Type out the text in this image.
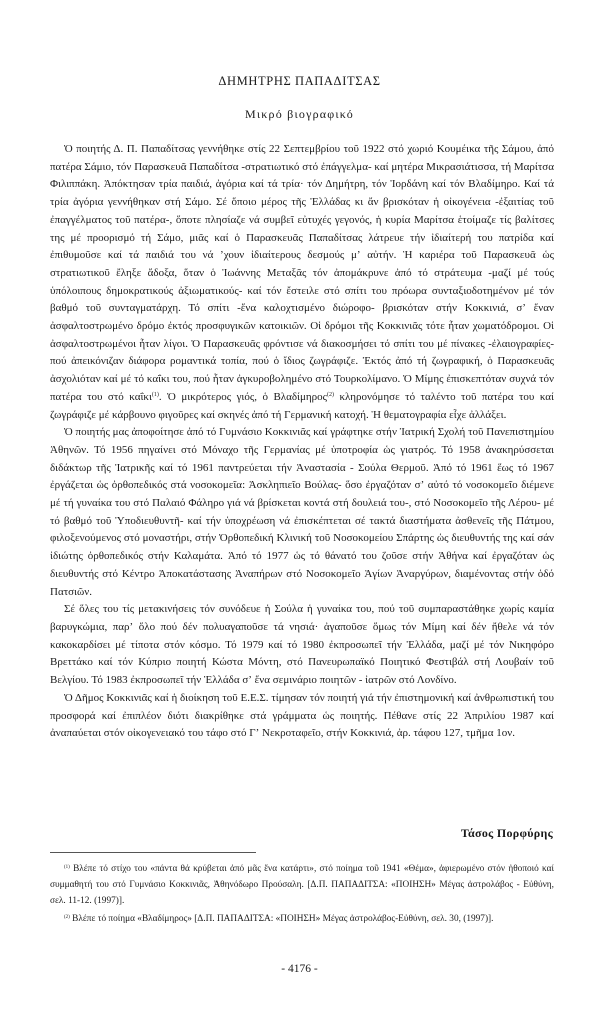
ΔΗΜΗΤΡΗΣ ΠΑΠΑΔΙΤΣΑΣ
Μικρό βιογραφικό

Ὁ ποιητής Δ. Π. Παπαδίτσας γεννήθηκε στίς 22 Σεπτεμβρίου τοῦ 1922 στό χωριό Κουμέικα τῆς Σάμου, ἀπό πατέρα Σάμιο, τόν Παρασκευᾶ Παπαδίτσα -στρατιωτικό στό ἐπάγγελμα- καί μητέρα Μικρασιάτισσα, τή Μαρίτσα Φιλιππάκη. Ἀπόκτησαν τρία παιδιά, ἀγόρια καί τά τρία· τόν Δημήτρη, τόν Ἰορδάνη καί τόν Βλαδίμηρο. Καί τά τρία ἀγόρια γεννήθηκαν στή Σάμο. Σέ ὅποιο μέρος τῆς Ἑλλάδας κι ἄν βρισκόταν ἡ οἰκογένεια -ἐξαιτίας τοῦ ἐπαγγέλματος τοῦ πατέρα-, ὅποτε πλησίαζε νά συμβεῖ εὐτυχές γεγονός, ἡ κυρία Μαρίτσα ἑτοίμαζε τίς βαλίτσες της μέ προορισμό τή Σάμο, μιᾶς καί ὁ Παρασκευᾶς Παπαδίτσας λάτρευε τήν ἰδιαίτερή του πατρίδα καί ἐπιθυμοῦσε καί τά παιδιά του νά ʼχουν ἰδιαίτερους δεσμούς μʼ αὐτήν. Ἡ καριέρα τοῦ Παρασκευᾶ ὡς στρατιωτικοῦ ἔληξε ἄδοξα, ὅταν ὁ Ἰωάννης Μεταξᾶς τόν ἀπομάκρυνε ἀπό τό στράτευμα -μαζί μέ τούς ὑπόλοιπους δημοκρατικούς ἀξιωματικούς- καί τόν ἔστειλε στό σπίτι του πρόωρα συνταξιοδοτημένον μέ τόν βαθμό τοῦ συνταγματάρχη. Τό σπίτι -ἕνα καλοχτισμένο διώροφο- βρισκόταν στήν Κοκκινιά, σʼ ἕναν ἀσφαλτοστρωμένο δρόμο ἐκτός προσφυγικῶν κατοικιῶν. Οἱ δρόμοι τῆς Κοκκινιᾶς τότε ἦταν χωματόδρομοι. Οἱ ἀσφαλτοστρωμένοι ἦταν λίγοι. Ὁ Παρασκευᾶς φρόντισε νά διακοσμήσει τό σπίτι του μέ πίνακες -ἐλαιογραφίες- πού ἀπεικόνιζαν διάφορα ρομαντικά τοπία, πού ὁ ἴδιος ζωγράφιζε. Ἐκτός ἀπό τή ζωγραφική, ὁ Παρασκευᾶς ἀσχολιόταν καί μέ τό καΐκι του, πού ἦταν ἀγκυροβολημένο στό Τουρκολίμανο. Ὁ Μίμης ἐπισκεπτόταν συχνά τόν πατέρα του στό καΐκι$^{(1)}$. Ὁ μικρότερος γιός, ὁ Βλαδίμηρος$^{(2)}$ κληρονόμησε τό ταλέντο τοῦ πατέρα του καί ζωγράφιζε μέ κάρβουνο φιγοῦρες καί σκηνές ἀπό τή Γερμανική κατοχή. Ἡ θεματογραφία εἶχε ἀλλάξει.

Ὁ ποιητής μας ἀποφοίτησε ἀπό τό Γυμνάσιο Κοκκινιᾶς καί γράφτηκε στήν Ἰατρική Σχολή τοῦ Πανεπιστημίου Ἀθηνῶν. Τό 1956 πηγαίνει στό Μόναχο τῆς Γερμανίας μέ ὑποτροφία ὡς γιατρός. Τό 1958 ἀνακηρύσσεται διδάκτωρ τῆς Ἰατρικῆς καί τό 1961 παντρεύεται τήν Ἀναστασία - Σούλα Θερμοῦ. Ἀπό τό 1961 ἕως τό 1967 ἐργάζεται ὡς ὀρθοπεδικός στά νοσοκομεῖα: Ἀσκληπιεῖο Βούλας- ὅσο ἐργαζόταν σʼ αὐτό τό νοσοκομεῖο διέμενε μέ τή γυναίκα του στό Παλαιό Φάληρο γιά νά βρίσκεται κοντά στή δουλειά του-, στό Νοσοκομεῖο τῆς Λέρου- μέ τό βαθμό τοῦ Ὑποδιευθυντῆ- καί τήν ὑποχρέωση νά ἐπισκέπτεται σέ τακτά διαστήματα ἀσθενεῖς τῆς Πάτμου, φιλοξενούμενος στό μοναστήρι, στήν Ὀρθοπεδική Κλινική τοῦ Νοσοκομείου Σπάρτης ὡς διευθυντής της καί σάν ἰδιώτης ὀρθοπεδικός στήν Καλαμάτα. Ἀπό τό 1977 ὡς τό θάνατό του ζοῦσε στήν Ἀθήνα καί ἐργαζόταν ὡς διευθυντής στό Κέντρο Ἀποκατάστασης Ἀναπήρων στό Νοσοκομεῖο Ἁγίων Ἀναργύρων, διαμένοντας στήν ὁδό Πατσιῶν.

Σέ ὅλες του τίς μετακινήσεις τόν συνόδευε ἡ Σούλα ἡ γυναίκα του, πού τοῦ συμπαραστάθηκε χωρίς καμία βαρυγκώμια, παρʼ ὅλο πού δέν πολυαγαποῦσε τά νησιά· ἀγαποῦσε ὅμως τόν Μίμη καί δέν ἤθελε νά τόν κακοκαρδίσει μέ τίποτα στόν κόσμο. Τό 1979 καί τό 1980 ἐκπροσωπεῖ τήν Ἑλλάδα, μαζί μέ τόν Νικηφόρο Βρεττάκο καί τόν Κύπριο ποιητή Κώστα Μόντη, στό Πανευρωπαϊκό Ποιητικό Φεστιβάλ στή Λουβαίν τοῦ Βελγίου. Τό 1983 ἐκπροσωπεῖ τήν Ἑλλάδα σʼ ἕνα σεμινάριο ποιητῶν - ἰατρῶν στό Λονδίνο.

Ὁ Δῆμος Κοκκινιᾶς καί ἡ διοίκηση τοῦ Ε.Ε.Σ. τίμησαν τόν ποιητή γιά τήν ἐπιστημονική καί ἀνθρωπιστική του προσφορά καί ἐπιπλέον διότι διακρίθηκε στά γράμματα ὡς ποιητής. Πέθανε στίς 22 Ἀπριλίου 1987 καί ἀναπαύεται στόν οἰκογενειακό του τάφο στό Γʼ Νεκροταφεῖο, στήν Κοκκινιά, ἀρ. τάφου 127, τμῆμα 1ον.

Τάσος Πορφύρης

$^{(1)}$ Βλέπε τό στίχο του «πάντα θά κρύβεται ἀπό μᾶς ἕνα κατάρτι», στό ποίημα τοῦ 1941 «Θέμα», ἀφιερωμένο στόν ἠθοποιό καί συμμαθητή του στό Γυμνάσιο Κοκκινιᾶς, Ἀθηνόδωρο Προύσαλη. [Δ.Π. ΠΑΠΑΔΙΤΣΑ: «ΠΟΙΗΣΗ» Μέγας ἀστρολάβος - Εὐθύνη, σελ. 11-12. (1997)].

$^{(2)}$ Βλέπε τό ποίημα «Βλαδίμηρος» [Δ.Π. ΠΑΠΑΔΙΤΣΑ: «ΠΟΙΗΣΗ» Μέγας ἀστρολάβος-Εὐθύνη, σελ. 30, (1997)].

- 4176 -
